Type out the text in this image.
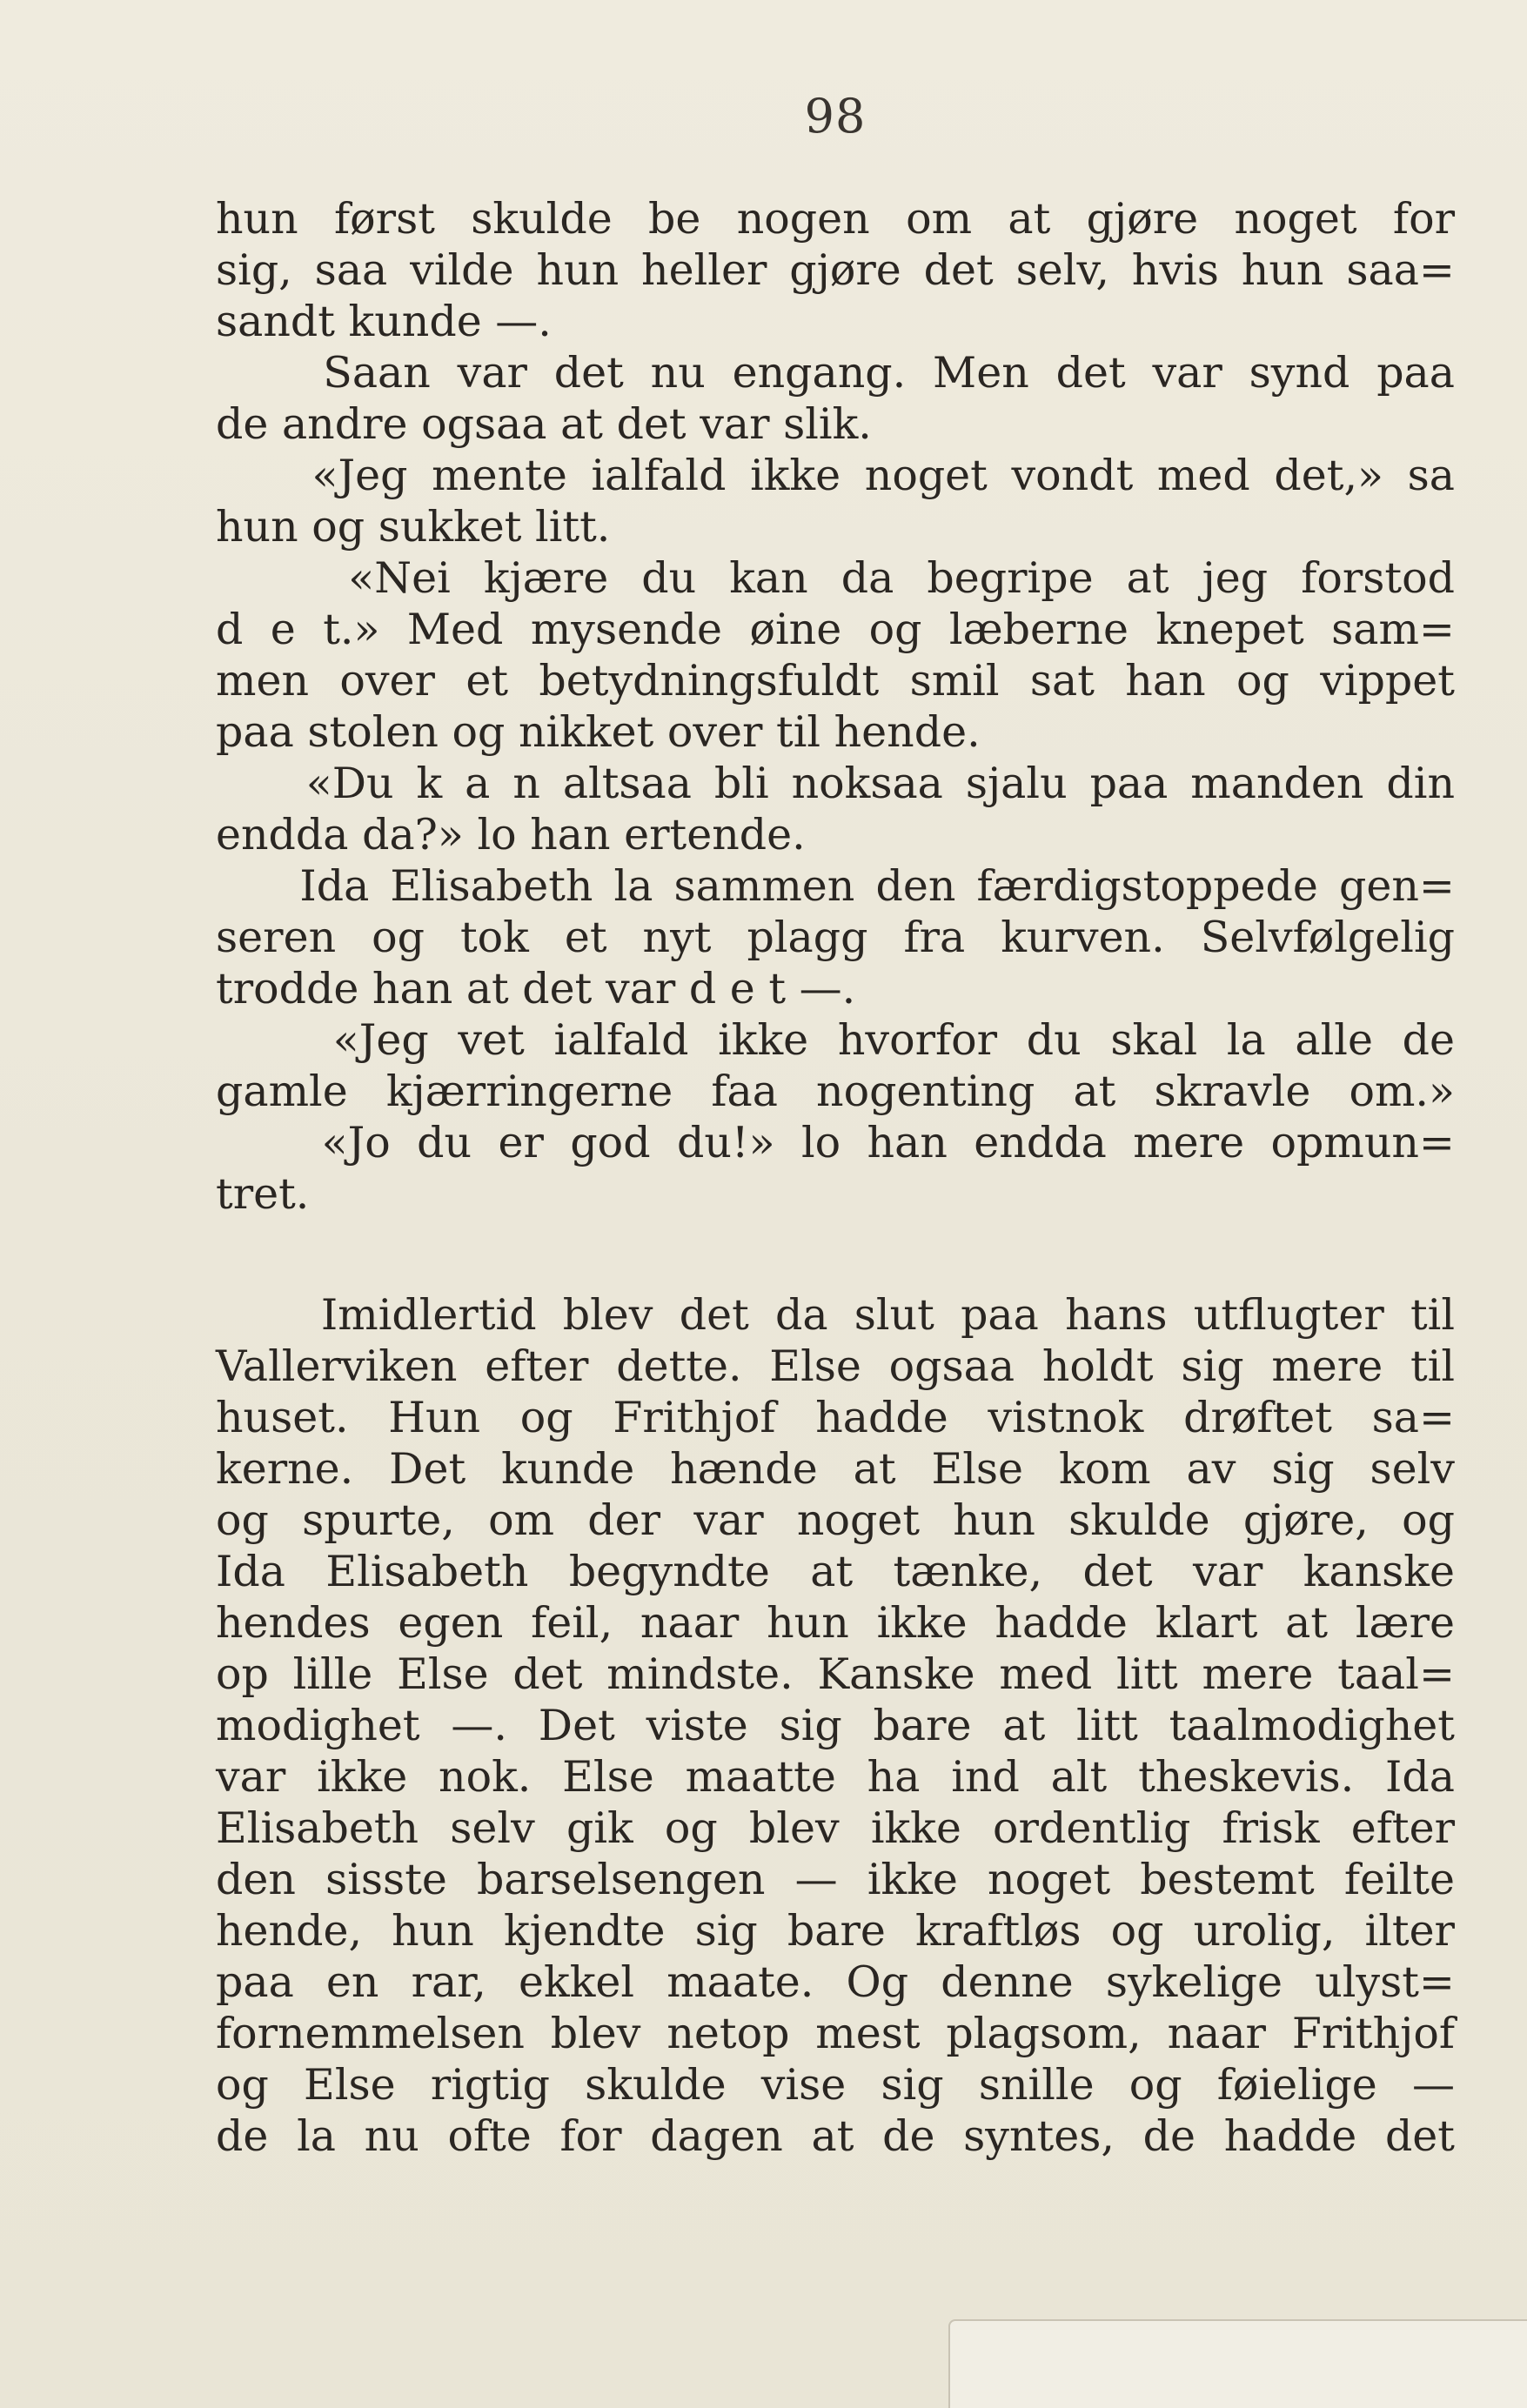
98
hun først skulde be nogen om at gjøre noget for
sig, saa vilde hun heller gjøre det selv, hvis hun saa=
sandt kunde —.
Saan var det nu engang. Men det var synd paa
de andre ogsaa at det var slik.
«Jeg mente ialfald ikke noget vondt med det,» sa
hun og sukket litt.
«Nei kjære du kan da begripe at jeg forstod
d e t.» Med mysende øine og læberne knepet sam=
men over et betydningsfuldt smil sat han og vippet
paa stolen og nikket over til hende.
«Du k a n altsaa bli noksaa sjalu paa manden din
endda da?» lo han ertende.
Ida Elisabeth la sammen den færdigstoppede gen=
seren og tok et nyt plagg fra kurven. Selvfølgelig
trodde han at det var d e t —.
«Jeg vet ialfald ikke hvorfor du skal la alle de
gamle kjærringerne faa nogenting at skravle om.»
«Jo du er god du!» lo han endda mere opmun=
tret.
Imidlertid blev det da slut paa hans utflugter til
Vallerviken efter dette. Else ogsaa holdt sig mere til
huset. Hun og Frithjof hadde vistnok drøftet sa=
kerne. Det kunde hænde at Else kom av sig selv
og spurte, om der var noget hun skulde gjøre, og
Ida Elisabeth begyndte at tænke, det var kanske
hendes egen feil, naar hun ikke hadde klart at lære
op lille Else det mindste. Kanske med litt mere taal=
modighet —. Det viste sig bare at litt taalmodighet
var ikke nok. Else maatte ha ind alt theskevis. Ida
Elisabeth selv gik og blev ikke ordentlig frisk efter
den sisste barselsengen — ikke noget bestemt feilte
hende, hun kjendte sig bare kraftløs og urolig, ilter
paa en rar, ekkel maate. Og denne sykelige ulyst=
fornemmelsen blev netop mest plagsom, naar Frithjof
og Else rigtig skulde vise sig snille og føielige —
de la nu ofte for dagen at de syntes, de hadde det
